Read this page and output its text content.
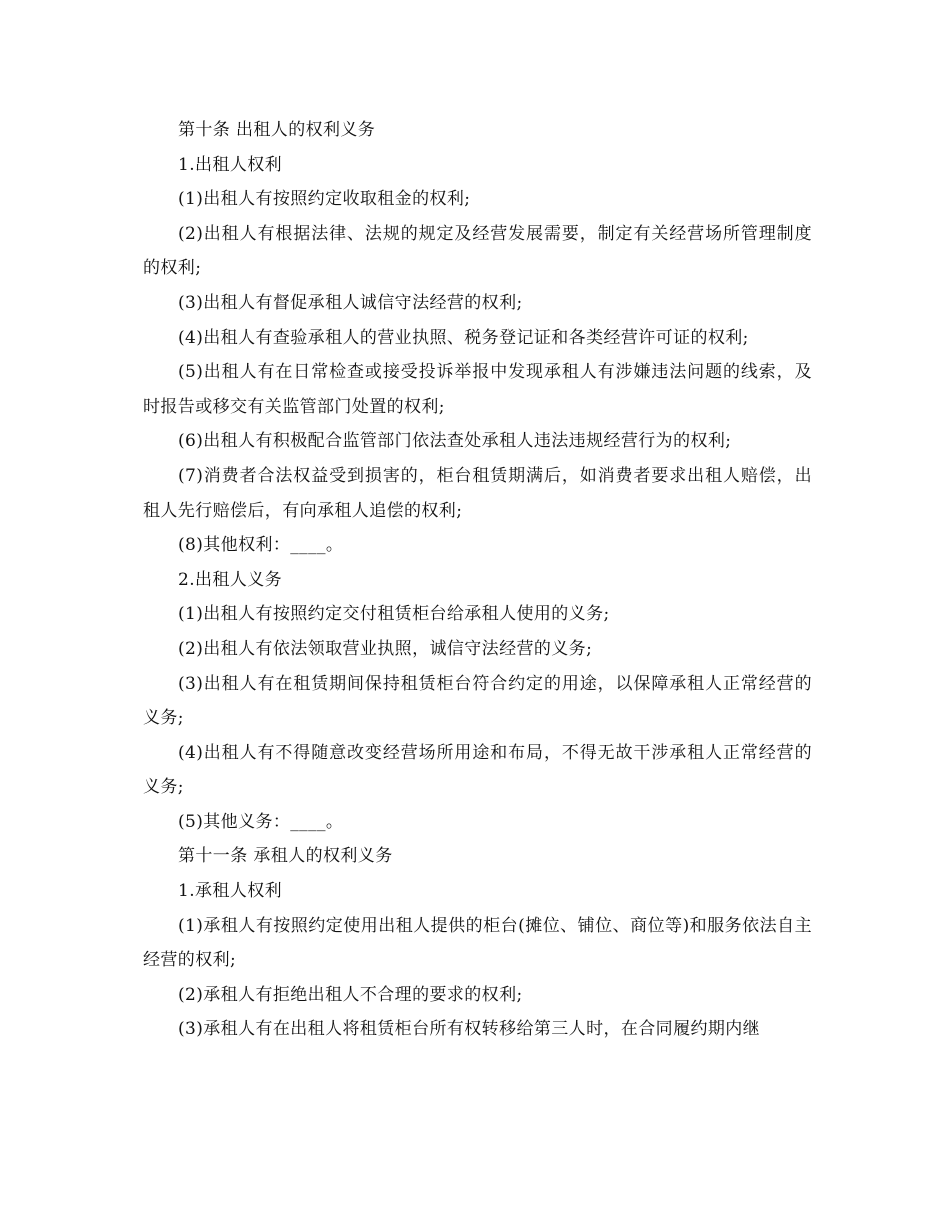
第十条 出租人的权利义务

1.出租人权利

(1)出租人有按照约定收取租金的权利;

(2)出租人有根据法律、法规的规定及经营发展需要，制定有关经营场所管理制度的权利;

(3)出租人有督促承租人诚信守法经营的权利;

(4)出租人有查验承租人的营业执照、税务登记证和各类经营许可证的权利;

(5)出租人有在日常检查或接受投诉举报中发现承租人有涉嫌违法问题的线索，及时报告或移交有关监管部门处置的权利;

(6)出租人有积极配合监管部门依法查处承租人违法违规经营行为的权利;

(7)消费者合法权益受到损害的，柜台租赁期满后，如消费者要求出租人赔偿，出租人先行赔偿后，有向承租人追偿的权利;

(8)其他权利：____。

2.出租人义务

(1)出租人有按照约定交付租赁柜台给承租人使用的义务;

(2)出租人有依法领取营业执照，诚信守法经营的义务;

(3)出租人有在租赁期间保持租赁柜台符合约定的用途，以保障承租人正常经营的义务;

(4)出租人有不得随意改变经营场所用途和布局，不得无故干涉承租人正常经营的义务;

(5)其他义务：____。

第十一条 承租人的权利义务

1.承租人权利

(1)承租人有按照约定使用出租人提供的柜台(摊位、铺位、商位等)和服务依法自主经营的权利;

(2)承租人有拒绝出租人不合理的要求的权利;

(3)承租人有在出租人将租赁柜台所有权转移给第三人时，在合同履约期内继
